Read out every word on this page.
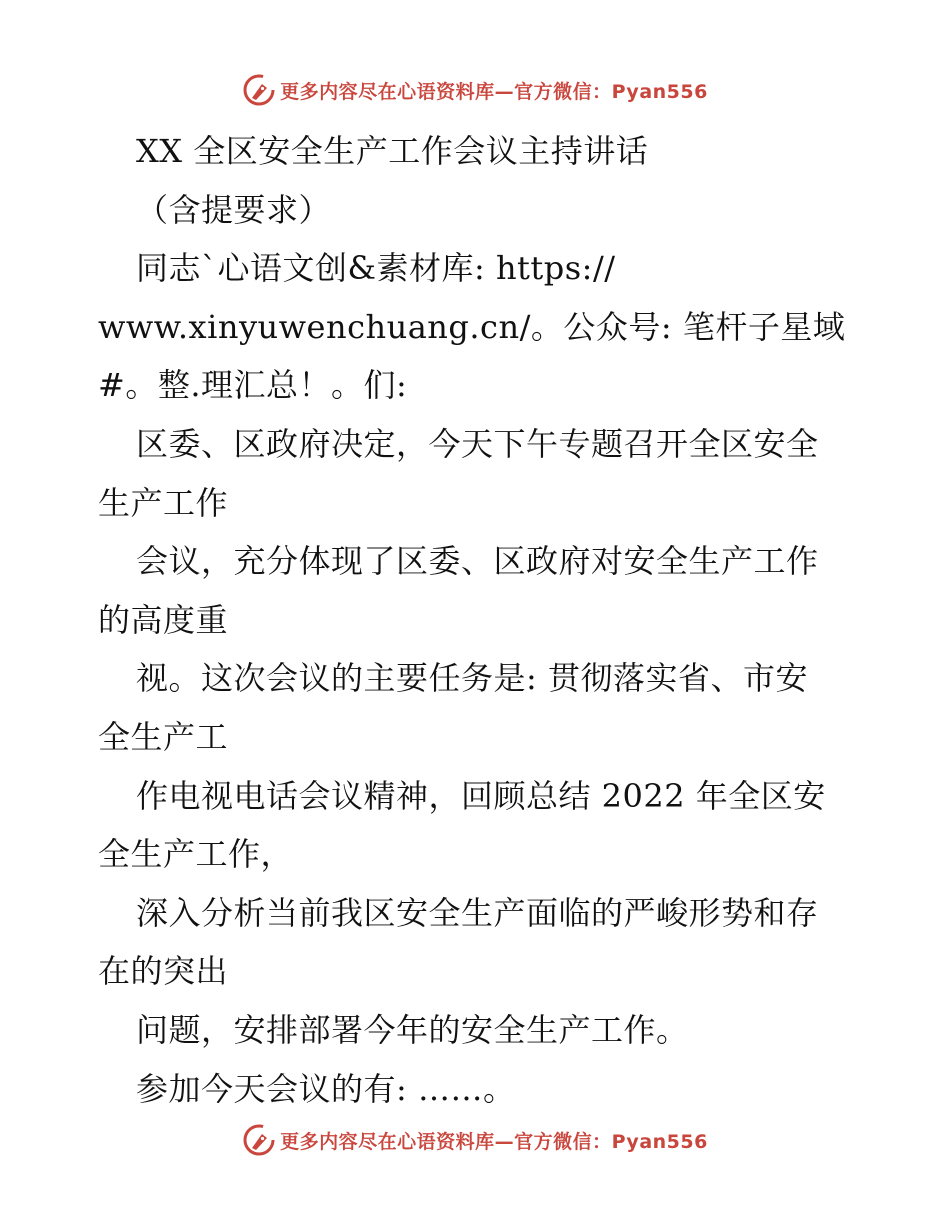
更多内容尽在心语资料库—官方微信：Pyan556
XX 全区安全生产工作会议主持讲话
（含提要求）
同志`心语文创&素材库: https://
www.xinyuwenchuang.cn/。公众号: 笔杆子星域
#。整.理汇总！。们:
区委、区政府决定，今天下午专题召开全区安全
生产工作
会议，充分体现了区委、区政府对安全生产工作
的高度重
视。这次会议的主要任务是: 贯彻落实省、市安
全生产工
作电视电话会议精神，回顾总结 2022 年全区安
全生产工作，
深入分析当前我区安全生产面临的严峻形势和存
在的突出
问题，安排部署今年的安全生产工作。
参加今天会议的有: ……。
更多内容尽在心语资料库—官方微信：Pyan556
